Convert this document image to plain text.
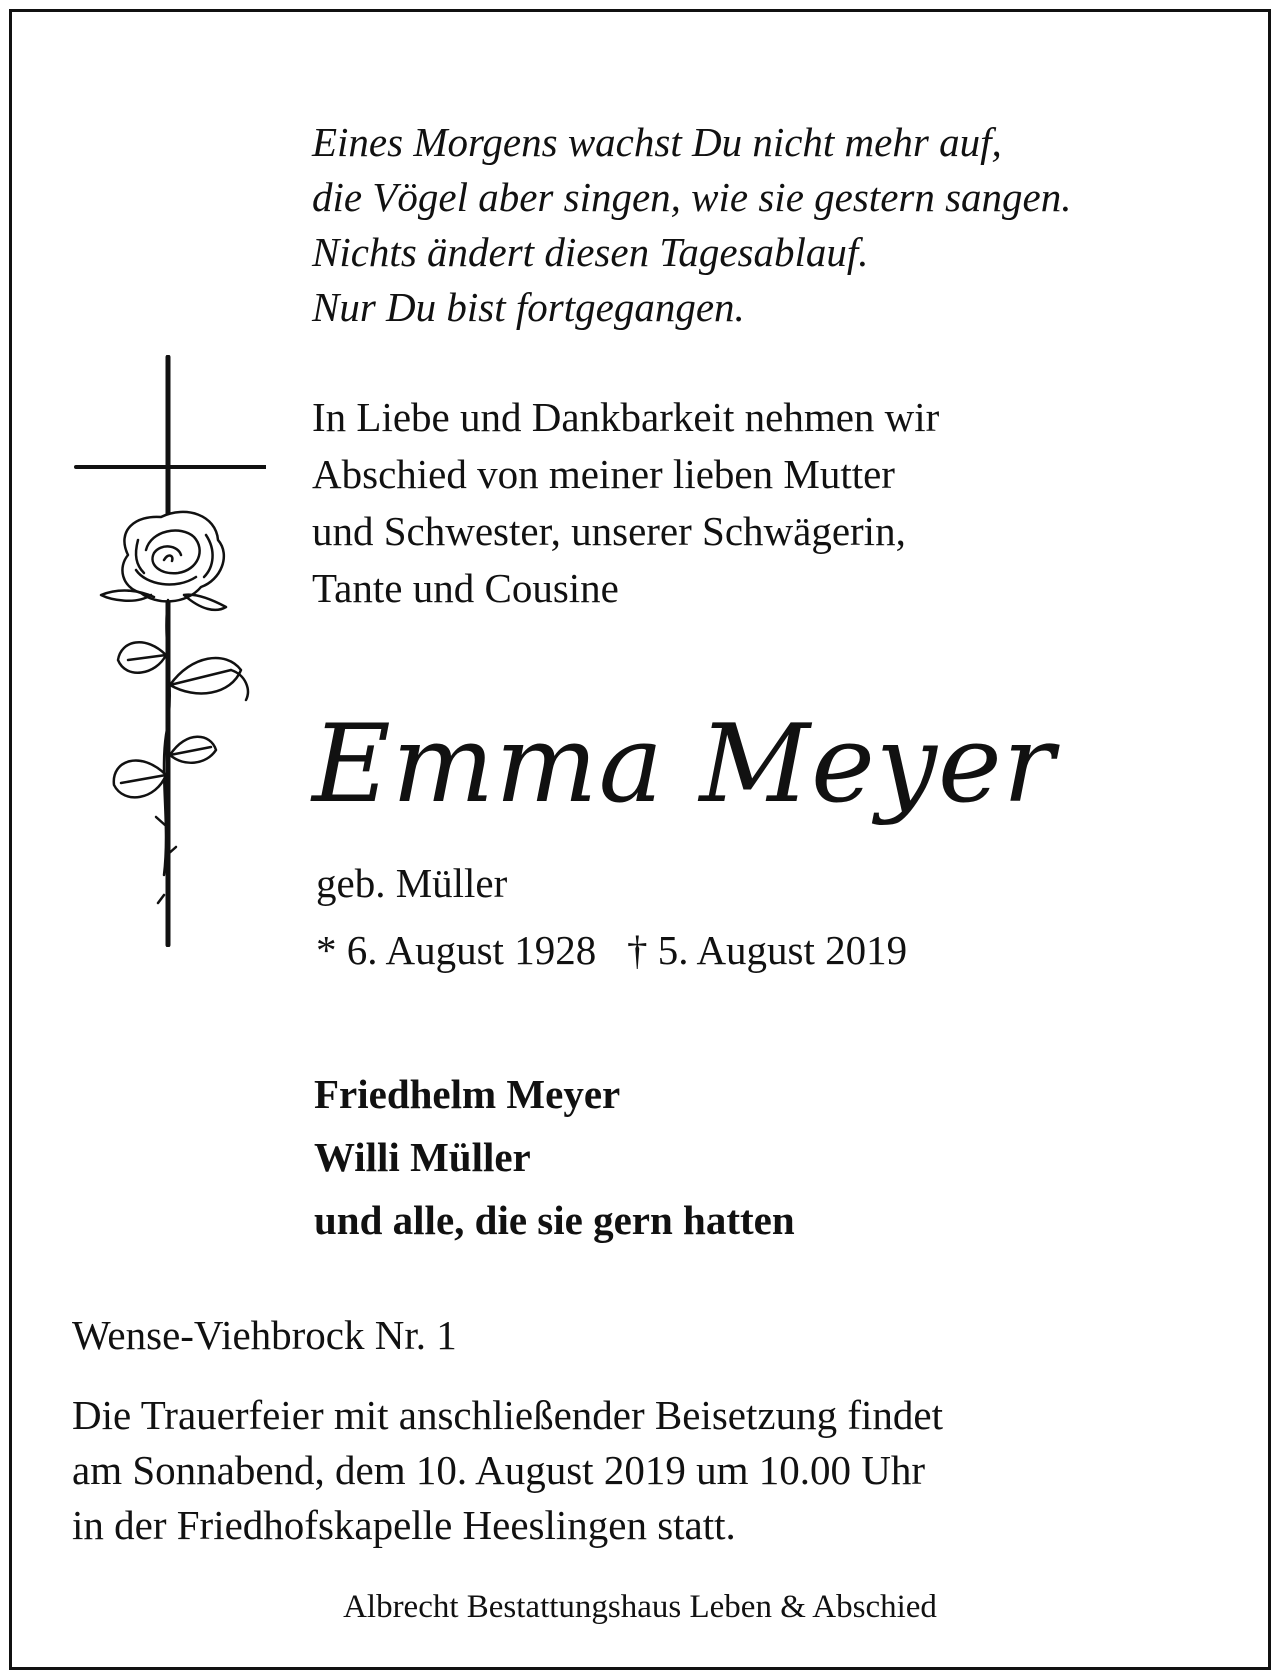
Eines Morgens wachst Du nicht mehr auf,
die Vögel aber singen, wie sie gestern sangen.
Nichts ändert diesen Tagesablauf.
Nur Du bist fortgegangen.
In Liebe und Dankbarkeit nehmen wir
Abschied von meiner lieben Mutter
und Schwester, unserer Schwägerin,
Tante und Cousine
Emma Meyer
geb. Müller
* 6. August 1928 † 5. August 2019
Friedhelm Meyer
Willi Müller
und alle, die sie gern hatten
Wense-Viehbrock Nr. 1
Die Trauerfeier mit anschließender Beisetzung findet
am Sonnabend, dem 10. August 2019 um 10.00 Uhr
in der Friedhofskapelle Heeslingen statt.
Albrecht Bestattungshaus Leben & Abschied
